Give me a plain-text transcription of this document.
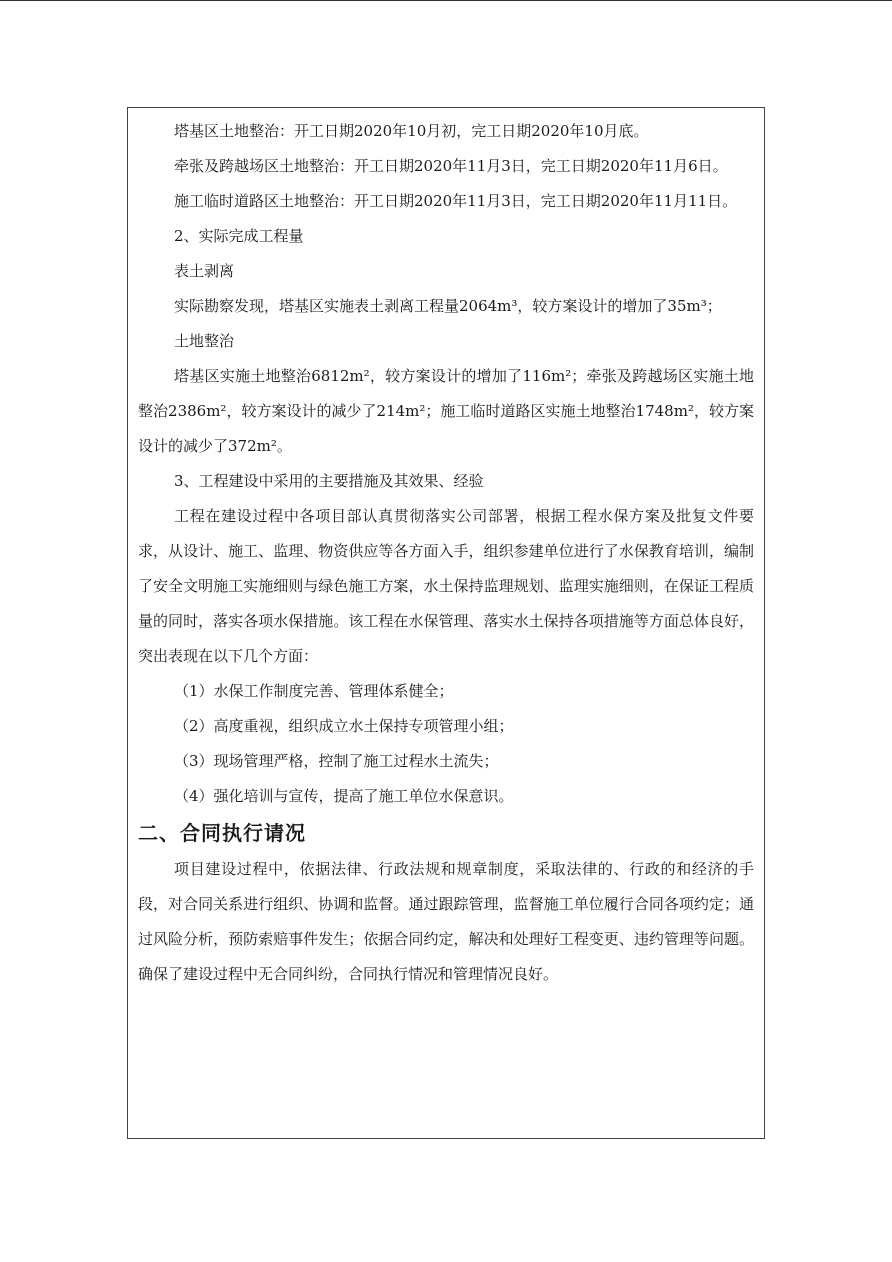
塔基区土地整治：开工日期2020年10月初，完工日期2020年10月底。

牵张及跨越场区土地整治：开工日期2020年11月3日，完工日期2020年11月6日。

施工临时道路区土地整治：开工日期2020年11月3日，完工日期2020年11月11日。

2、实际完成工程量

表土剥离

实际勘察发现，塔基区实施表土剥离工程量2064m³，较方案设计的增加了35m³；

土地整治

塔基区实施土地整治6812m²，较方案设计的增加了116m²；牵张及跨越场区实施土地整治2386m²，较方案设计的减少了214m²；施工临时道路区实施土地整治1748m²，较方案设计的减少了372m²。

3、工程建设中采用的主要措施及其效果、经验

工程在建设过程中各项目部认真贯彻落实公司部署，根据工程水保方案及批复文件要求，从设计、施工、监理、物资供应等各方面入手，组织参建单位进行了水保教育培训，编制了安全文明施工实施细则与绿色施工方案，水土保持监理规划、监理实施细则，在保证工程质量的同时，落实各项水保措施。该工程在水保管理、落实水土保持各项措施等方面总体良好，突出表现在以下几个方面：

（1）水保工作制度完善、管理体系健全；

（2）高度重视，组织成立水土保持专项管理小组；

（3）现场管理严格，控制了施工过程水土流失；

（4）强化培训与宣传，提高了施工单位水保意识。

二、合同执行请况

项目建设过程中，依据法律、行政法规和规章制度，采取法律的、行政的和经济的手段，对合同关系进行组织、协调和监督。通过跟踪管理，监督施工单位履行合同各项约定；通过风险分析，预防索赔事件发生；依据合同约定，解决和处理好工程变更、违约管理等问题。确保了建设过程中无合同纠纷，合同执行情况和管理情况良好。
